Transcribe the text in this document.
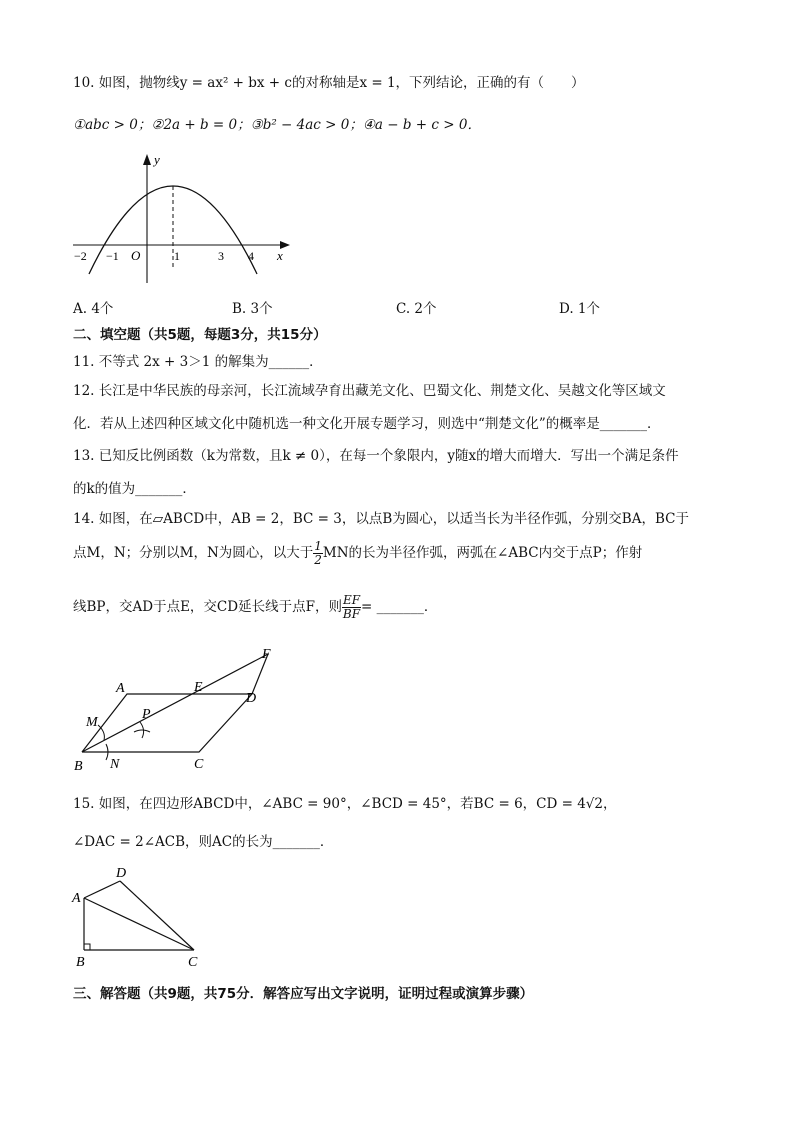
10. 如图，抛物线y = ax² + bx + c的对称轴是x = 1，下列结论，正确的有（　　）
①abc > 0；②2a + b = 0；③b² − 4ac > 0；④a − b + c > 0．
y
x
O
−2 −1	1	3 4
A. 4个	B. 3个	C. 2个	D. 1个
二、填空题（共5题，每题3分，共15分）
11. 不等式 2x + 3＞1 的解集为______．
12. 长江是中华民族的母亲河，长江流域孕育出藏羌文化、巴蜀文化、荆楚文化、吴越文化等区域文
化．若从上述四种区域文化中随机选一种文化开展专题学习，则选中“荆楚文化”的概率是_______．
13. 已知反比例函数（k为常数，且k ≠ 0），在每一个象限内，y随x的增大而增大．写出一个满足条件
的k的值为_______．
14. 如图，在▱ABCD中，AB = 2，BC = 3，以点B为圆心，以适当长为半径作弧，分别交BA，BC于
点M，N；分别以M，N为圆心，以大于 $\frac{1}{2}$ MN的长为半径作弧，两弧在∠ABC内交于点P；作射
线BP，交AD于点E，交CD延长线于点F，则 $\frac{EF}{BF}$ = _______．
A
B	C
D
E
F
M
N
P
15. 如图，在四边形ABCD中，∠ABC = 90°，∠BCD = 45°，若BC = 6，CD = 4√2，
∠DAC = 2∠ACB，则AC的长为_______．
A
B	C
D
三、解答题（共9题，共75分．解答应写出文字说明，证明过程或演算步骤）
